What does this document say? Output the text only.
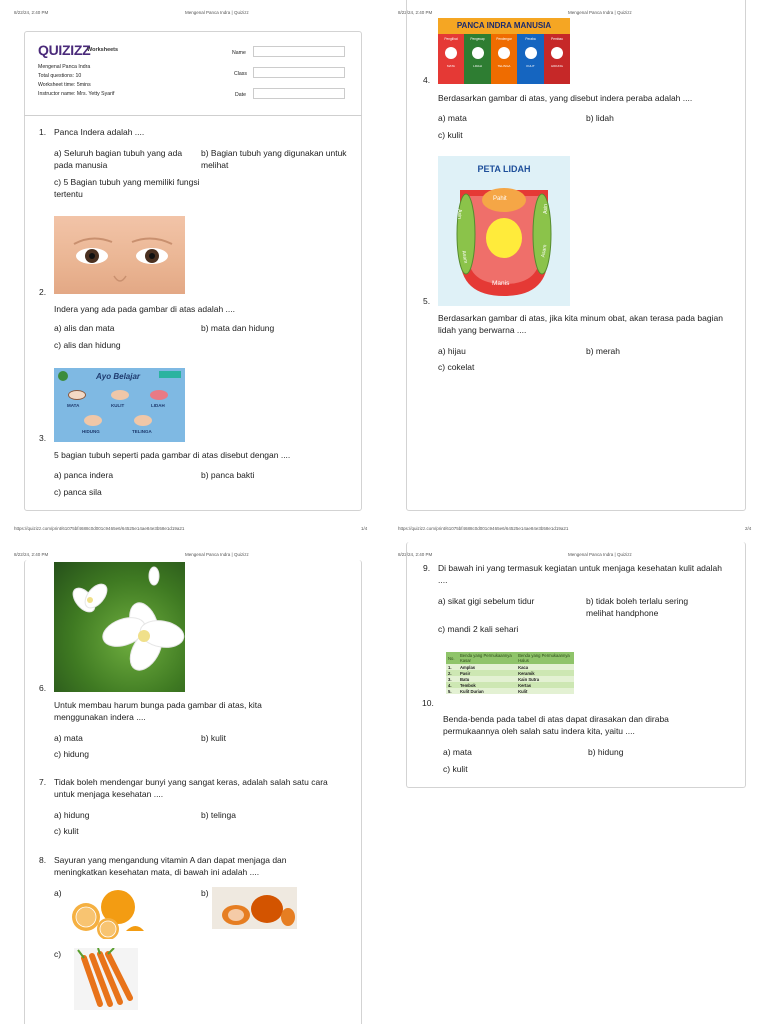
8/22/24, 2:40 PM	Mengenal Panca Indra | Quizizz
QUIZIZZ
Worksheets
Mengenal Panca Indra
Total questions: 10
Worksheet time: 5mins
Instructor name: Mrs. Yetty Syarif
Name
Class
Date
1. Panca Indera adalah ....
a) Seluruh bagian tubuh yang ada pada manusia
b) Bagian tubuh yang digunakan untuk melihat
c) 5 Bagian tubuh yang memiliki fungsi tertentu
2.
Indera yang ada pada gambar di atas adalah ....
a) alis dan mata	b) mata dan hidung
c) alis dan hidung
Ayo Belajar
MATA	KULIT	LIDAH
HIDUNG	TELINGA
3.
5 bagian tubuh seperti pada gambar di atas disebut dengan ....
a) panca indera	b) panca bakti
c) panca sila
8/22/24, 2:40 PM	Mengenal Panca Indra | Quizizz
PANCA INDRA MANUSIA
Penglihat
MATA
Pengecap
LIDAH
Pendengar
TELINGA
Peraba
KULIT
Pembau
HIDUNG
4.
Berdasarkan gambar di atas, yang disebut indera peraba adalah ....
a) mata	b) lidah
c) kulit
PETA LIDAH
Pahit
Asin
Asin
Asam	Asam
Manis
5.
Berdasarkan gambar di atas, jika kita minum obat, akan terasa pada bagian lidah yang berwarna ....
a) hijau	b) merah
c) cokelat
https://quizizz.com/print/61075bf4688c0d001c9465e6/64525e14ae84e3b58e1d19a21	1/4
8/22/24, 2:40 PM	Mengenal Panca Indra | Quizizz
6.
Untuk membau harum bunga pada gambar di atas, kita menggunakan indera ....
a) mata	b) kulit
c) hidung
7. Tidak boleh mendengar bunyi yang sangat keras, adalah salah satu cara untuk menjaga kesehatan ....
a) hidung	b) telinga
c) kulit
8. Sayuran yang mengandung vitamin A dan dapat menjaga dan meningkatkan kesehatan mata, di bawah ini adalah ....
a)	b)
c)
https://quizizz.com/print/61075bf4688c0d001c9465e6/64525e14ae84e3b58e1d19a21	2/4
8/22/24, 2:40 PM	Mengenal Panca Indra | Quizizz
9. Di bawah ini yang termasuk kegiatan untuk menjaga kesehatan kulit adalah ....
a) sikat gigi sebelum tidur	b) tidak boleh terlalu sering melihat handphone
c) mandi 2 kali sehari
No.	Benda yang Permukaannya Kasar	Benda yang Permukaannya Halus
1.	Amplas	Kaca
2.	Pasir	Keramik
3.	Batu	Kain Sutra
4.	Tembok	Kertas
5.	Kulit Durian	Kulit
10.
Benda-benda pada tabel di atas dapat dirasakan dan diraba permukaannya oleh salah satu indera kita, yaitu ....
a) mata	b) hidung
c) kulit
